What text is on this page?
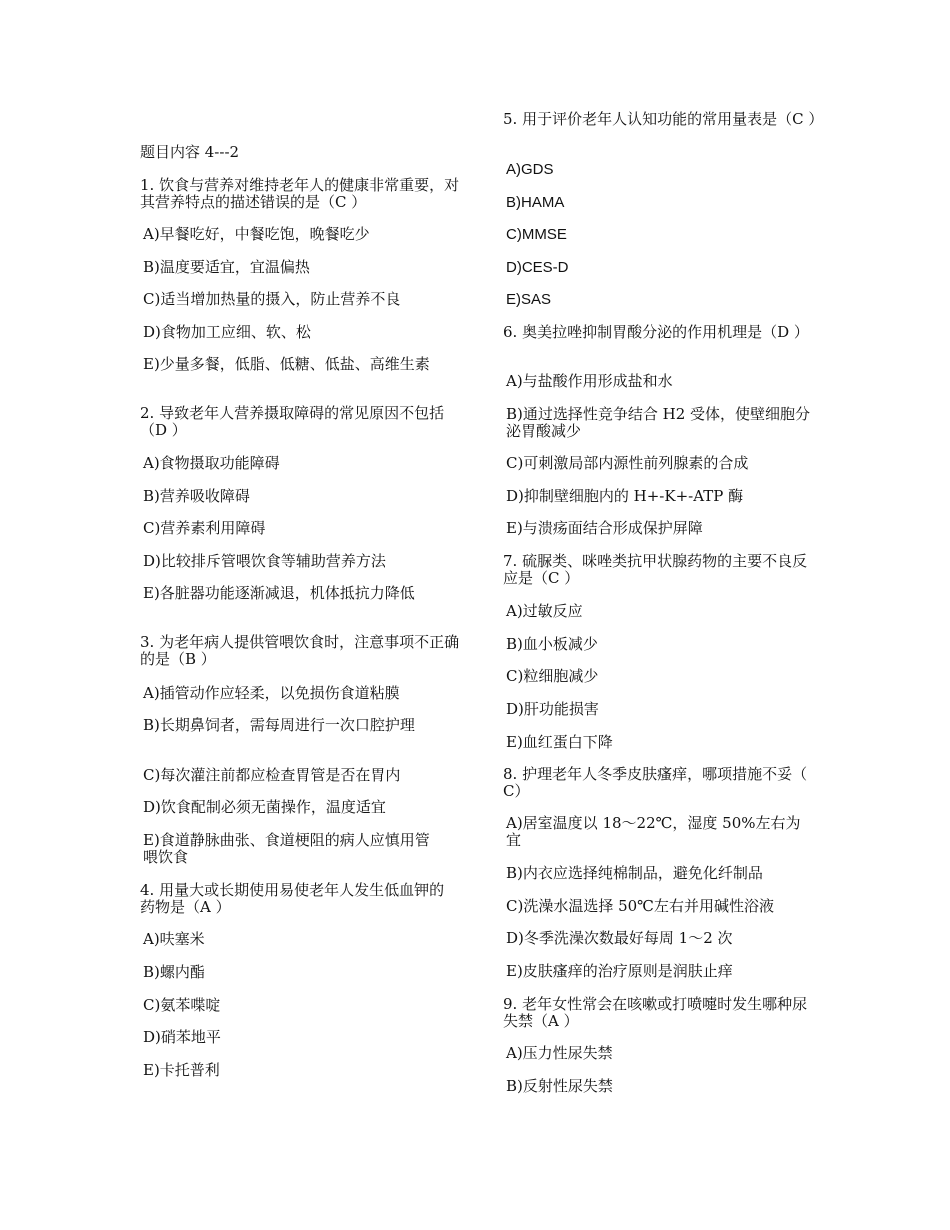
题目内容 4---2
1. 饮食与营养对维持老年人的健康非常重要，对其营养特点的描述错误的是（C ）
A)早餐吃好，中餐吃饱，晚餐吃少
B)温度要适宜，宜温偏热
C)适当增加热量的摄入，防止营养不良
D)食物加工应细、软、松
E)少量多餐，低脂、低糖、低盐、高维生素
2. 导致老年人营养摄取障碍的常见原因不包括（D ）
A)食物摄取功能障碍
B)营养吸收障碍
C)营养素利用障碍
D)比较排斥管喂饮食等辅助营养方法
E)各脏器功能逐渐减退，机体抵抗力降低
3. 为老年病人提供管喂饮食时，注意事项不正确的是（B ）
A)插管动作应轻柔，以免损伤食道粘膜
B)长期鼻饲者，需每周进行一次口腔护理
C)每次灌注前都应检查胃管是否在胃内
D)饮食配制必须无菌操作，温度适宜
E)食道静脉曲张、食道梗阻的病人应慎用管喂饮食
4. 用量大或长期使用易使老年人发生低血钾的药物是（A ）
A)呋塞米
B)螺内酯
C)氨苯喋啶
D)硝苯地平
E)卡托普利
5. 用于评价老年人认知功能的常用量表是（C ）
A)GDS
B)HAMA
C)MMSE
D)CES-D
E)SAS
6. 奥美拉唑抑制胃酸分泌的作用机理是（D ）
A)与盐酸作用形成盐和水
B)通过选择性竞争结合 H2 受体，使壁细胞分泌胃酸减少
C)可刺激局部内源性前列腺素的合成
D)抑制壁细胞内的 H+-K+-ATP 酶
E)与溃疡面结合形成保护屏障
7. 硫脲类、咪唑类抗甲状腺药物的主要不良反应是（C ）
A)过敏反应
B)血小板减少
C)粒细胞减少
D)肝功能损害
E)血红蛋白下降
8. 护理老年人冬季皮肤瘙痒，哪项措施不妥（ C）
A)居室温度以 18～22℃，湿度 50%左右为宜
B)内衣应选择纯棉制品，避免化纤制品
C)洗澡水温选择 50℃左右并用碱性浴液
D)冬季洗澡次数最好每周 1～2 次
E)皮肤瘙痒的治疗原则是润肤止痒
9. 老年女性常会在咳嗽或打喷嚏时发生哪种尿失禁（A ）
A)压力性尿失禁
B)反射性尿失禁
